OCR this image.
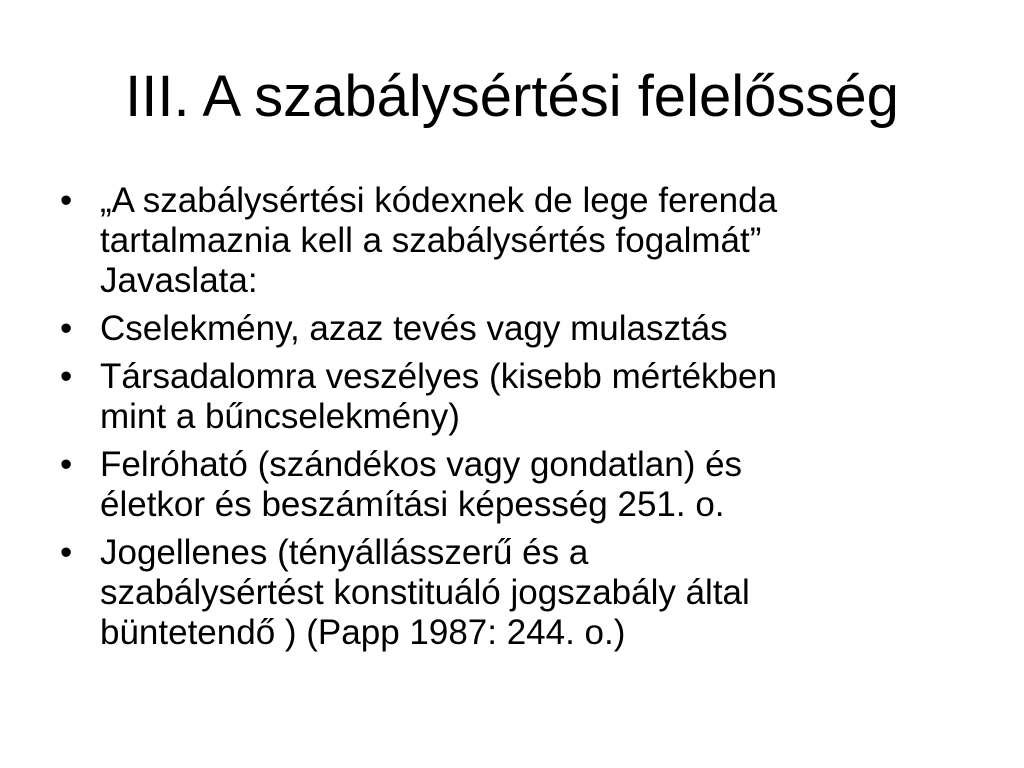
III. A szabálysértési felelősség
• „A szabálysértési kódexnek de lege ferenda
tartalmaznia kell a szabálysértés fogalmát”
Javaslata:
• Cselekmény, azaz tevés vagy mulasztás
• Társadalomra veszélyes (kisebb mértékben
mint a bűncselekmény)
• Felróható (szándékos vagy gondatlan) és
életkor és beszámítási képesség 251. o.
• Jogellenes (tényállásszerű és a
szabálysértést konstituáló jogszabály által
büntetendő ) (Papp 1987: 244. o.)
